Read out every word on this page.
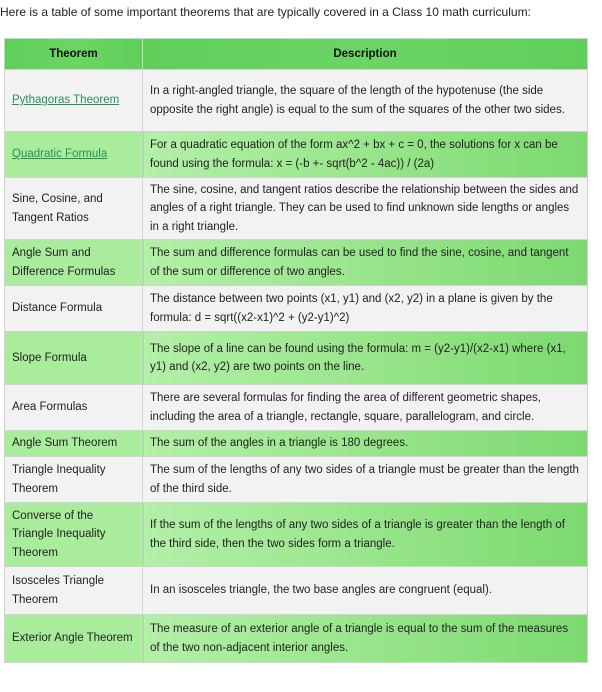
Here is a table of some important theorems that are typically covered in a Class 10 math curriculum:
Theorem	Description
Pythagoras Theorem	In a right-angled triangle, the square of the length of the hypotenuse (the side opposite the right angle) is equal to the sum of the squares of the other two sides.
Quadratic Formula	For a quadratic equation of the form ax^2 + bx + c = 0, the solutions for x can be found using the formula: x = (-b +- sqrt(b^2 - 4ac)) / (2a)
Sine, Cosine, and Tangent Ratios	The sine, cosine, and tangent ratios describe the relationship between the sides and angles of a right triangle. They can be used to find unknown side lengths or angles in a right triangle.
Angle Sum and Difference Formulas	The sum and difference formulas can be used to find the sine, cosine, and tangent of the sum or difference of two angles.
Distance Formula	The distance between two points (x1, y1) and (x2, y2) in a plane is given by the formula: d = sqrt((x2-x1)^2 + (y2-y1)^2)
Slope Formula	The slope of a line can be found using the formula: m = (y2-y1)/(x2-x1) where (x1, y1) and (x2, y2) are two points on the line.
Area Formulas	There are several formulas for finding the area of different geometric shapes, including the area of a triangle, rectangle, square, parallelogram, and circle.
Angle Sum Theorem	The sum of the angles in a triangle is 180 degrees.
Triangle Inequality Theorem	The sum of the lengths of any two sides of a triangle must be greater than the length of the third side.
Converse of the Triangle Inequality Theorem	If the sum of the lengths of any two sides of a triangle is greater than the length of the third side, then the two sides form a triangle.
Isosceles Triangle Theorem	In an isosceles triangle, the two base angles are congruent (equal).
Exterior Angle Theorem	The measure of an exterior angle of a triangle is equal to the sum of the measures of the two non-adjacent interior angles.
